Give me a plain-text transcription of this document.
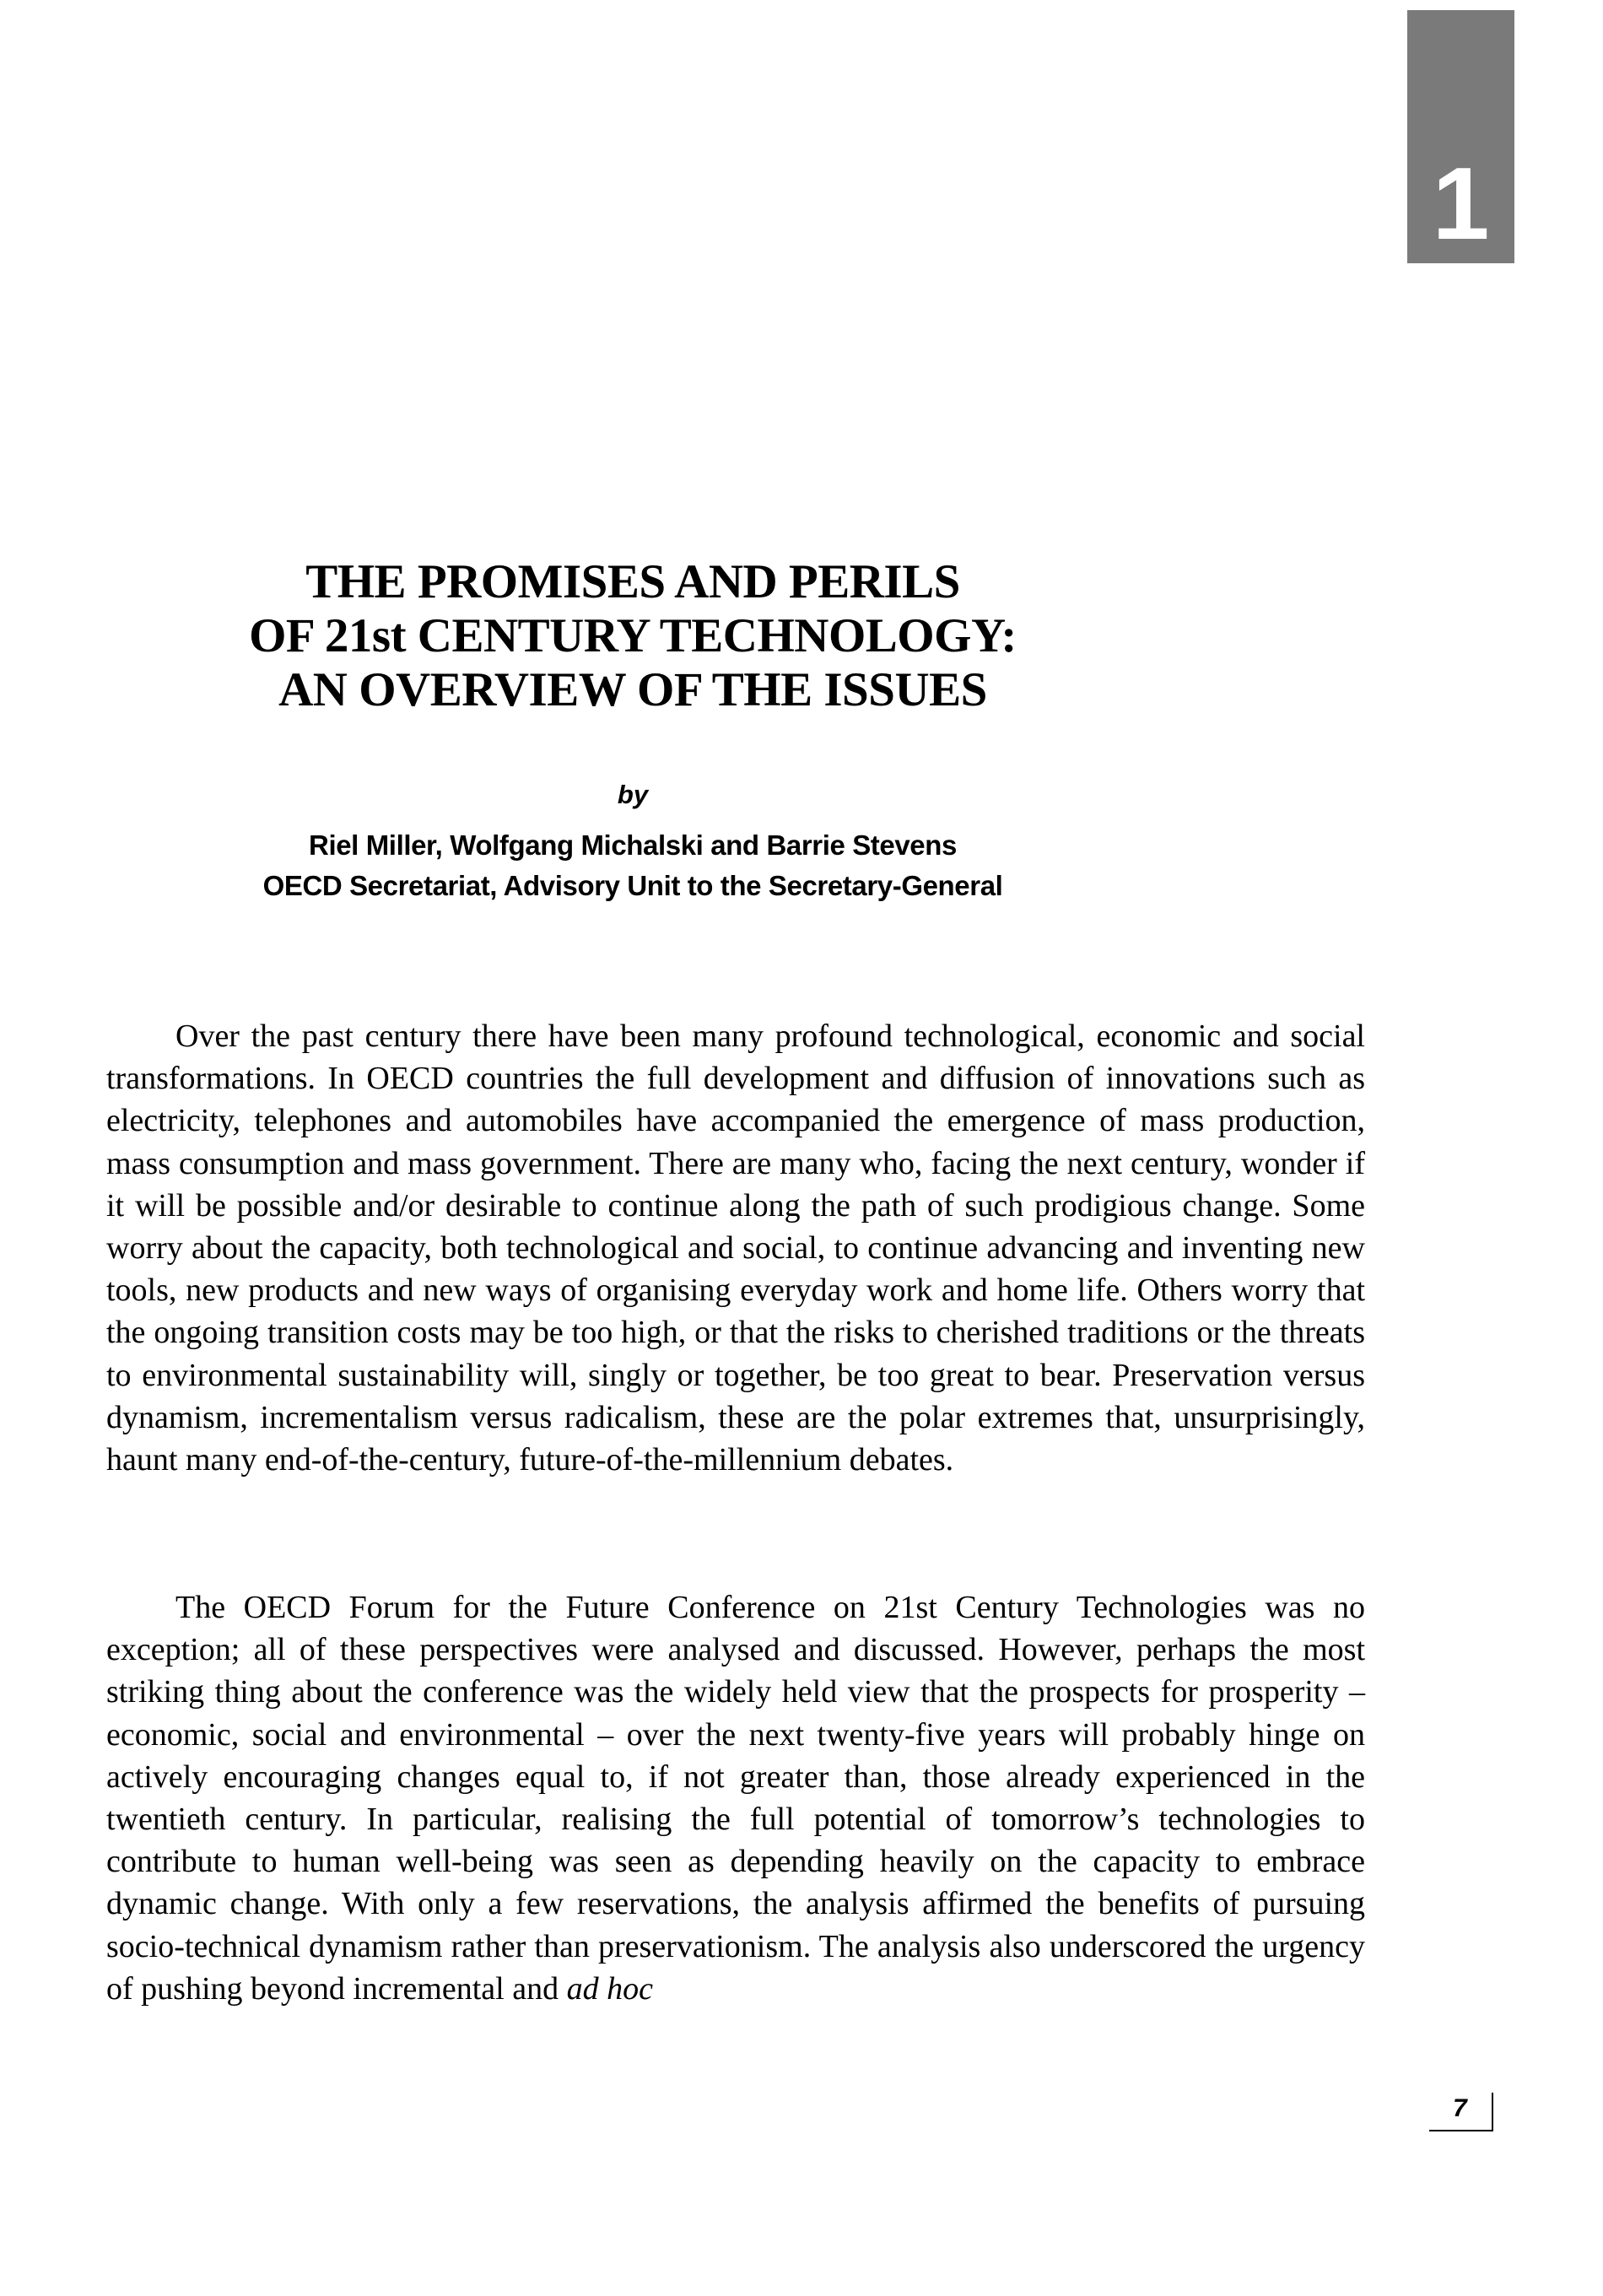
1
THE PROMISES AND PERILS
OF 21st CENTURY TECHNOLOGY:
AN OVERVIEW OF THE ISSUES
by
Riel Miller, Wolfgang Michalski and Barrie Stevens
OECD Secretariat, Advisory Unit to the Secretary-General

Over the past century there have been many profound technological, economic and social transformations. In OECD countries the full development and diffusion of innovations such as electricity, telephones and automobiles have accompanied the emergence of mass production, mass consumption and mass government. There are many who, facing the next century, wonder if it will be possible and/or desirable to continue along the path of such prodigious change. Some worry about the capacity, both technological and social, to continue advancing and inventing new tools, new products and new ways of organising everyday work and home life. Others worry that the ongoing transition costs may be too high, or that the risks to cherished traditions or the threats to environmental sustainability will, singly or together, be too great to bear. Preservation versus dynamism, incrementalism versus radicalism, these are the polar extremes that, unsurprisingly, haunt many end-of-the-century, future-of-the-millennium debates.

The OECD Forum for the Future Conference on 21st Century Technologies was no exception; all of these perspectives were analysed and discussed. However, perhaps the most striking thing about the conference was the widely held view that the prospects for prosperity – economic, social and environmental – over the next twenty-five years will probably hinge on actively encouraging changes equal to, if not greater than, those already experienced in the twentieth century. In particular, realising the full potential of tomorrow’s technologies to contribute to human well-being was seen as depending heavily on the capacity to embrace dynamic change. With only a few reservations, the analysis affirmed the benefits of pursuing socio-technical dynamism rather than preservationism. The analysis also underscored the urgency of pushing beyond incremental and ad hoc

7
